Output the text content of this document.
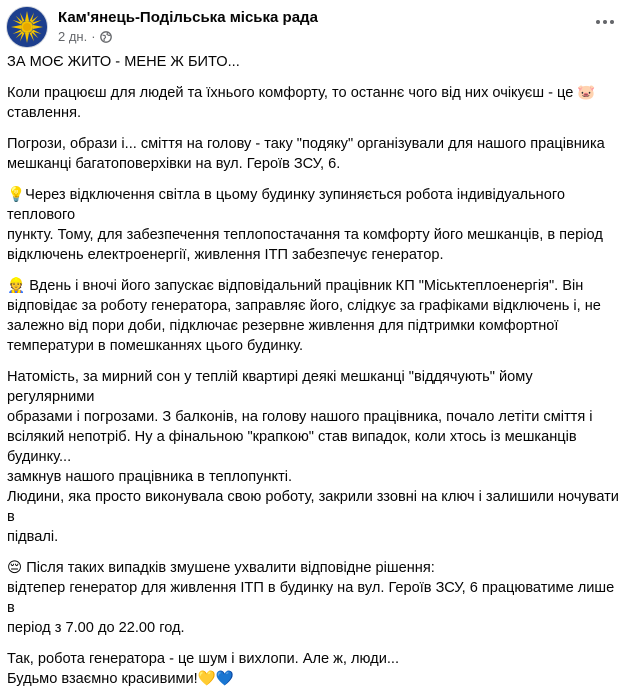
Кам'янець-Подільська міська рада
2 дн. ·

ЗА МОЄ ЖИТО - МЕНЕ Ж БИТО...

Коли працюєш для людей та їхнього комфорту, то останнє чого від них очікуєш - це 🐷
ставлення.

Погрози, образи і... сміття на голову - таку "подяку" організували для нашого працівника
мешканці багатоповерхівки на вул. Героїв ЗСУ, 6.

💡Через відключення світла в цьому будинку зупиняється робота індивідуального теплового
пункту. Тому, для забезпечення теплопостачання та комфорту його мешканців, в період
відключень електроенергії, живлення ІТП забезпечує генератор.

👷 Вдень і вночі його запускає відповідальний працівник КП "Міськтеплоенергія". Він
відповідає за роботу генератора, заправляє його, слідкує за графіками відключень і, не
залежно від пори доби, підключає резервне живлення для підтримки комфортної
температури в помешканнях цього будинку.

Натомість, за мирний сон у теплій квартирі деякі мешканці "віддячують" йому регулярними
образами і погрозами. З балконів, на голову нашого працівника, почало летіти сміття і
всілякий непотріб. Ну а фінальною "крапкою" став випадок, коли хтось із мешканців будинку...
замкнув нашого працівника в теплопункті.
Людини, яка просто виконувала свою роботу, закрили ззовні на ключ і залишили ночувати в
підвалі.

😔 Після таких випадків змушене ухвалити відповідне рішення:
відтепер генератор для живлення ІТП в будинку на вул. Героїв ЗСУ, 6 працюватиме лише в
період з 7.00 до 22.00 год.

Так, робота генератора - це шум і вихлопи. Але ж, люди...
Будьмо взаємно красивими!💛💙
